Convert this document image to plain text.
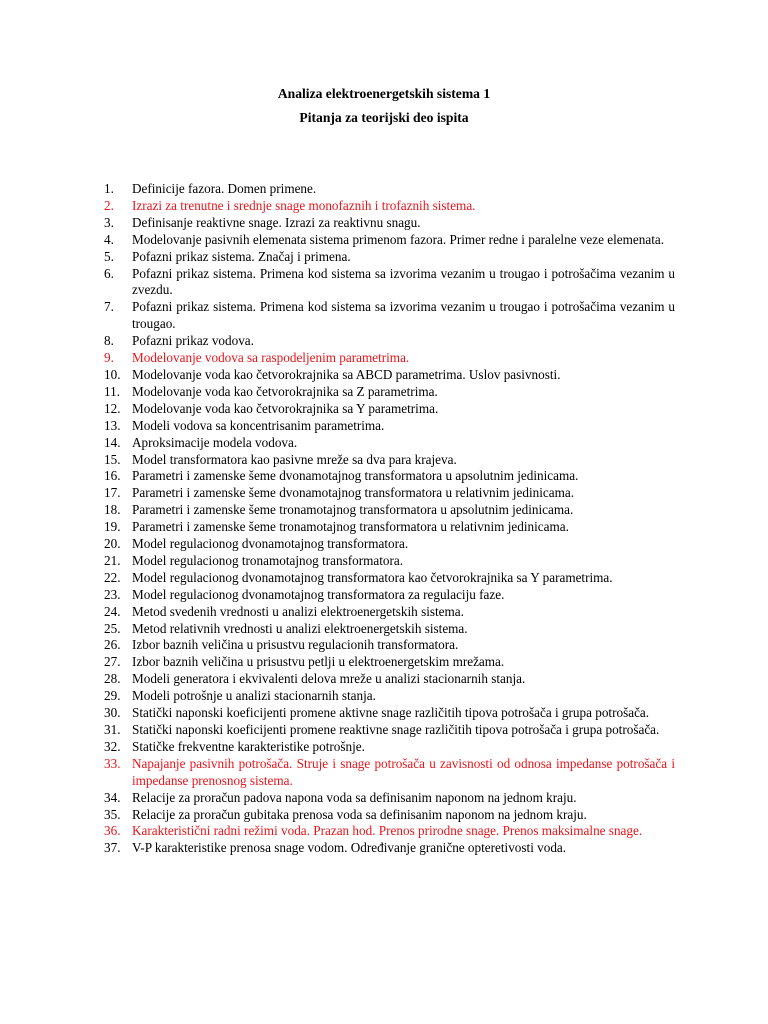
Analiza elektroenergetskih sistema 1
Pitanja za teorijski deo ispita
1.	Definicije fazora. Domen primene.
2.	Izrazi za trenutne i srednje snage monofaznih i trofaznih sistema.
3.	Definisanje reaktivne snage. Izrazi za reaktivnu snagu.
4.	Modelovanje pasivnih elemenata sistema primenom fazora. Primer redne i paralelne veze elemenata.
5.	Pofazni prikaz sistema. Značaj i primena.
6.	Pofazni prikaz sistema. Primena kod sistema sa izvorima vezanim u trougao i potrošačima vezanim u zvezdu.
7.	Pofazni prikaz sistema. Primena kod sistema sa izvorima vezanim u trougao i potrošačima vezanim u trougao.
8.	Pofazni prikaz vodova.
9.	Modelovanje vodova sa raspodeljenim parametrima.
10. Modelovanje voda kao četvorokrajnika sa ABCD parametrima. Uslov pasivnosti.
11. Modelovanje voda kao četvorokrajnika sa Z parametrima.
12. Modelovanje voda kao četvorokrajnika sa Y parametrima.
13. Modeli vodova sa koncentrisanim parametrima.
14. Aproksimacije modela vodova.
15. Model transformatora kao pasivne mreže sa dva para krajeva.
16. Parametri i zamenske šeme dvonamotajnog transformatora u apsolutnim jedinicama.
17. Parametri i zamenske šeme dvonamotajnog transformatora u relativnim jedinicama.
18. Parametri i zamenske šeme tronamotajnog transformatora u apsolutnim jedinicama.
19. Parametri i zamenske šeme tronamotajnog transformatora u relativnim jedinicama.
20. Model regulacionog dvonamotajnog transformatora.
21. Model regulacionog tronamotajnog transformatora.
22. Model regulacionog dvonamotajnog transformatora kao četvorokrajnika sa Y parametrima.
23. Model regulacionog dvonamotajnog transformatora za regulaciju faze.
24. Metod svedenih vrednosti u analizi elektroenergetskih sistema.
25. Metod relativnih vrednosti u analizi elektroenergetskih sistema.
26. Izbor baznih veličina u prisustvu regulacionih transformatora.
27. Izbor baznih veličina u prisustvu petlji u elektroenergetskim mrežama.
28. Modeli generatora i ekvivalenti delova mreže u analizi stacionarnih stanja.
29. Modeli potrošnje u analizi stacionarnih stanja.
30. Statički naponski koeficijenti promene aktivne snage različitih tipova potrošača i grupa potrošača.
31. Statički naponski koeficijenti promene reaktivne snage različitih tipova potrošača i grupa potrošača.
32. Statičke frekventne karakteristike potrošnje.
33. Napajanje pasivnih potrošača. Struje i snage potrošača u zavisnosti od odnosa impedanse potrošača i impedanse prenosnog sistema.
34. Relacije za proračun padova napona voda sa definisanim naponom na jednom kraju.
35. Relacije za proračun gubitaka prenosa voda sa definisanim naponom na jednom kraju.
36. Karakteristični radni režimi voda. Prazan hod. Prenos prirodne snage. Prenos maksimalne snage.
37. V-P karakteristike prenosa snage vodom. Određivanje granične opteretivosti voda.
